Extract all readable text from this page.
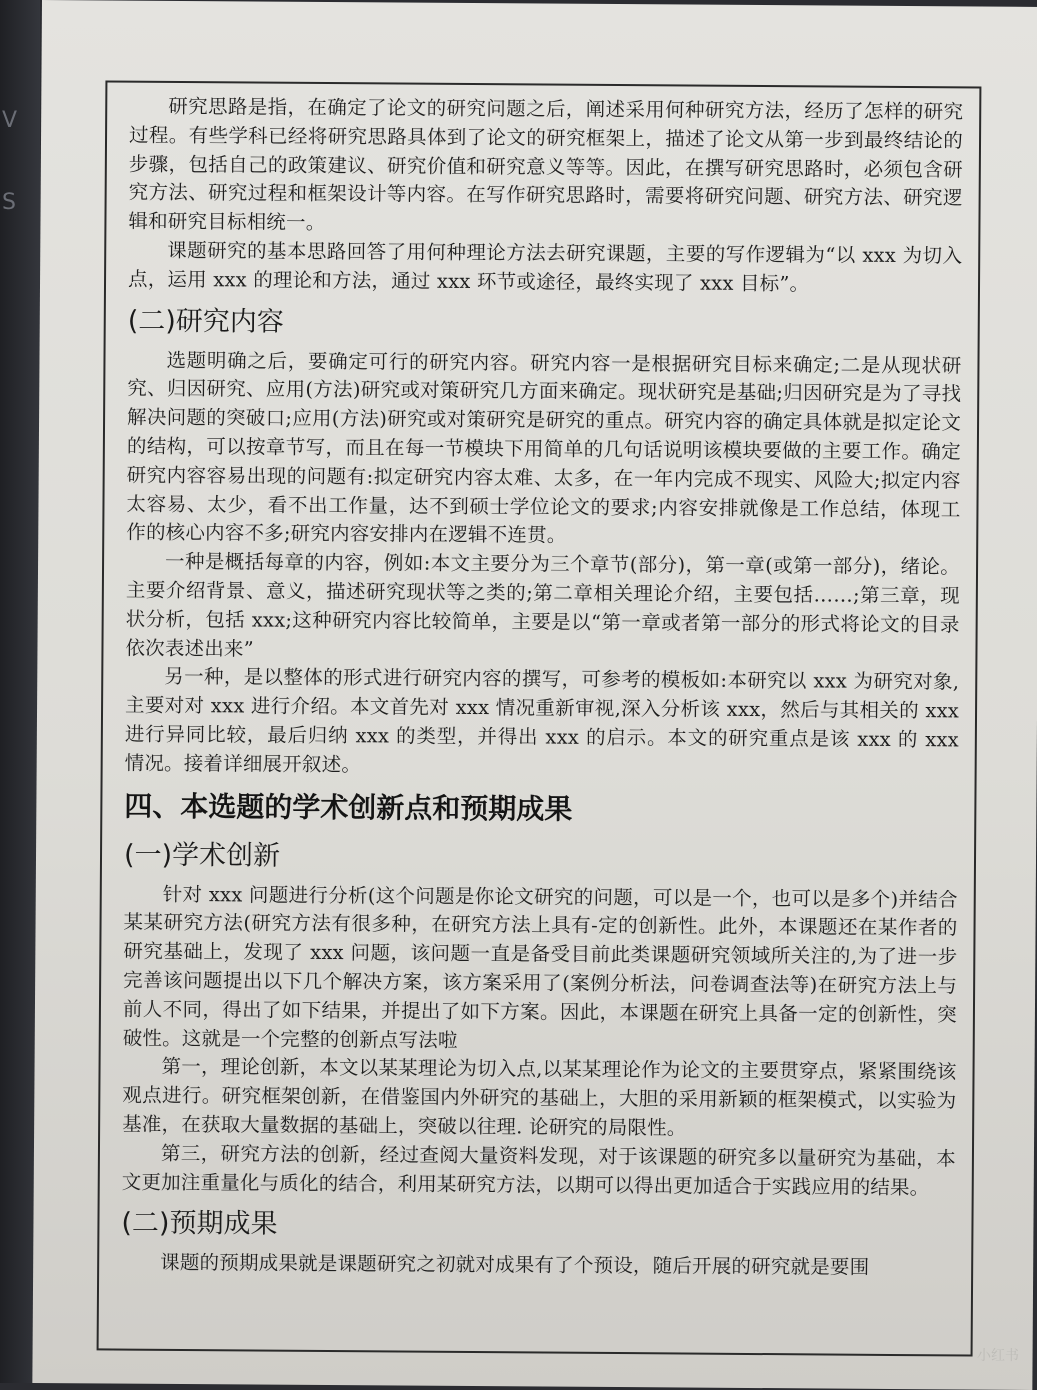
V
S

研究思路是指，在确定了论文的研究问题之后，阐述采用何种研究方法，经历了怎样的研究过程。有些学科已经将研究思路具体到了论文的研究框架上，描述了论文从第一步到最终结论的步骤，包括自己的政策建议、研究价值和研究意义等等。因此，在撰写研究思路时，必须包含研究方法、研究过程和框架设计等内容。在写作研究思路时，需要将研究问题、研究方法、研究逻辑和研究目标相统一。

课题研究的基本思路回答了用何种理论方法去研究课题，主要的写作逻辑为“以 xxx 为切入点，运用 xxx 的理论和方法，通过 xxx 环节或途径，最终实现了 xxx 目标”。

(二)研究内容

选题明确之后，要确定可行的研究内容。研究内容一是根据研究目标来确定;二是从现状研究、归因研究、应用(方法)研究或对策研究几方面来确定。现状研究是基础;归因研究是为了寻找解决问题的突破口;应用(方法)研究或对策研究是研究的重点。研究内容的确定具体就是拟定论文的结构，可以按章节写，而且在每一节模块下用简单的几句话说明该模块要做的主要工作。确定研究内容容易出现的问题有:拟定研究内容太难、太多，在一年内完成不现实、风险大;拟定内容太容易、太少，看不出工作量，达不到硕士学位论文的要求;内容安排就像是工作总结，体现工作的核心内容不多;研究内容安排内在逻辑不连贯。

一种是概括每章的内容，例如:本文主要分为三个章节(部分)，第一章(或第一部分)，绪论。主要介绍背景、意义，描述研究现状等之类的;第二章相关理论介绍，主要包括……;第三章，现状分析，包括 xxx;这种研究内容比较简单，主要是以“第一章或者第一部分的形式将论文的目录依次表述出来”

另一种，是以整体的形式进行研究内容的撰写，可参考的模板如:本研究以 xxx 为研究对象,主要对对 xxx 进行介绍。本文首先对 xxx 情况重新审视,深入分析该 xxx，然后与其相关的 xxx 进行异同比较，最后归纳 xxx 的类型，并得出 xxx 的启示。本文的研究重点是该 xxx 的 xxx 情况。接着详细展开叙述。

四、本选题的学术创新点和预期成果
(一)学术创新

针对 xxx 问题进行分析(这个问题是你论文研究的问题，可以是一个，也可以是多个)并结合某某研究方法(研究方法有很多种，在研究方法上具有-定的创新性。此外，本课题还在某作者的研究基础上，发现了 xxx 问题，该问题一直是备受目前此类课题研究领域所关注的,为了进一步完善该问题提出以下几个解决方案，该方案采用了(案例分析法，问卷调查法等)在研究方法上与前人不同，得出了如下结果，并提出了如下方案。因此，本课题在研究上具备一定的创新性，突破性。这就是一个完整的创新点写法啦

第一，理论创新，本文以某某理论为切入点,以某某理论作为论文的主要贯穿点，紧紧围绕该观点进行。研究框架创新，在借鉴国内外研究的基础上，大胆的采用新颖的框架模式，以实验为基准，在获取大量数据的基础上，突破以往理. 论研究的局限性。

第三，研究方法的创新，经过查阅大量资料发现，对于该课题的研究多以量研究为基础，本文更加注重量化与质化的结合，利用某研究方法，以期可以得出更加适合于实践应用的结果。

(二)预期成果

课题的预期成果就是课题研究之初就对成果有了个预设，随后开展的研究就是要围

小红书
